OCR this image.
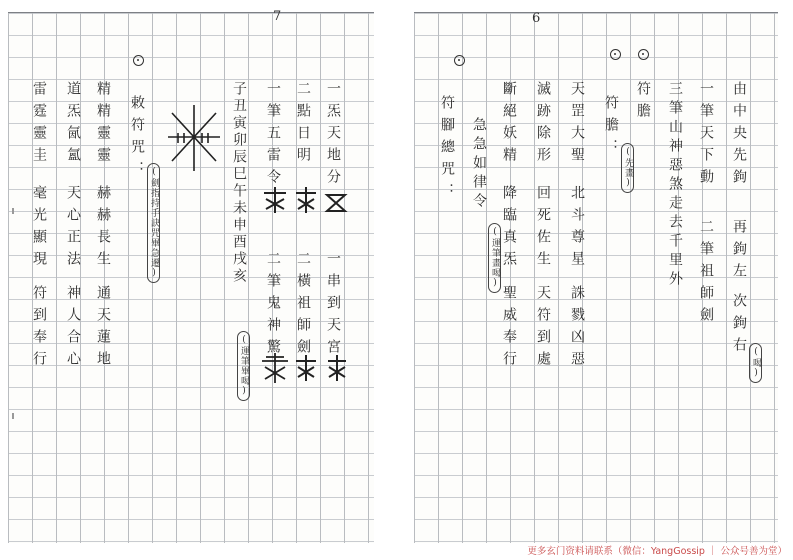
7
一炁天地分
一串到天宮
二點日明
二橫祖師劍
一筆五雷令
二筆鬼神驚
子丑寅卯辰巳午未申酉戌亥
(運筆畢喝)
敕符咒：
(劍指持手訣咒畢急遷)
精精靈靈
赫赫長生
通天蓮地
道炁氤氳
天心正法
神人合心
雷霆靈圭
毫光顯現
符到奉行
6
由中央先鉤
再鉤左
次鉤右
(喝)
一筆天下動
二筆祖師劍
三筆山神惡煞走去千里外
符膽
符膽：
(先畫)
天罡大聖
北斗尊星
誅戮凶惡
滅跡除形
回死佐生
天符到處
斷絕妖精
降臨真炁
聖威奉行
(運筆畫喝)
急急如律令
符腳總咒：
更多玄门资料请联系（微信：YangGossip ｜ 公众号善为堂）
